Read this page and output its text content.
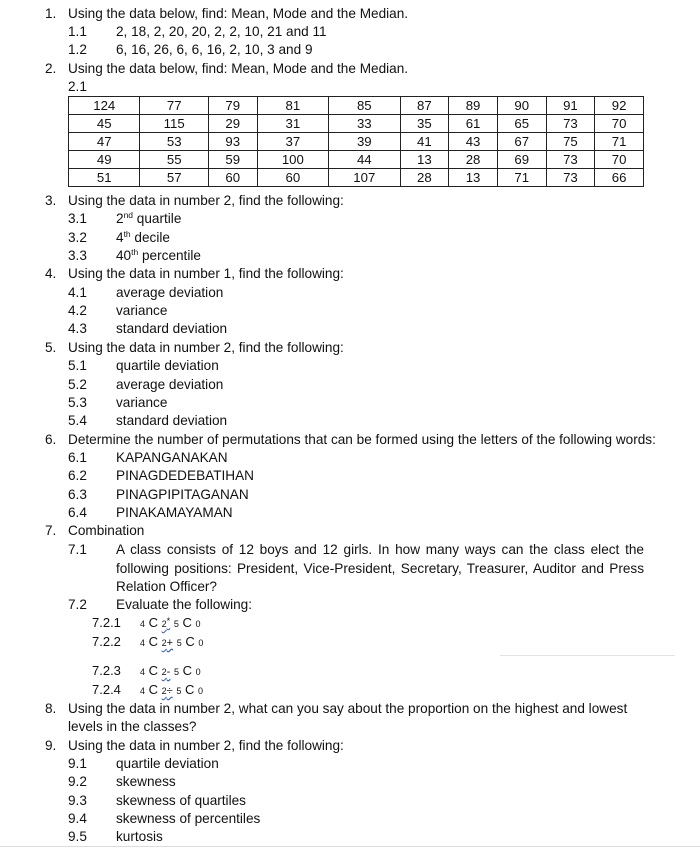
1. Using the data below, find: Mean, Mode and the Median.
1.1 2, 18, 2, 20, 20, 2, 2, 10, 21 and 11
1.2 6, 16, 26, 6, 6, 16, 2, 10, 3 and 9
2. Using the data below, find: Mean, Mode and the Median.
2.1
124	77	79	81	85	87	89	90	91	92
45	115	29	31	33	35	61	65	73	70
47	53	93	37	39	41	43	67	75	71
49	55	59	100	44	13	28	69	73	70
51	57	60	60	107	28	13	71	73	66
3. Using the data in number 2, find the following:
3.1 2nd quartile
3.2 4th decile
3.3 40th percentile
4. Using the data in number 1, find the following:
4.1 average deviation
4.2 variance
4.3 standard deviation
5. Using the data in number 2, find the following:
5.1 quartile deviation
5.2 average deviation
5.3 variance
5.4 standard deviation
6. Determine the number of permutations that can be formed using the letters of the following words:
6.1 KAPANGANAKAN
6.2 PINAGDEDEBATIHAN
6.3 PINAGPIPITAGANAN
6.4 PINAKAMAYAMAN
7. Combination
7.1 A class consists of 12 boys and 12 girls. In how many ways can the class elect the following positions: President, Vice-President, Secretary, Treasurer, Auditor and Press Relation Officer?
7.2 Evaluate the following:
7.2.1 4 C 2* 5 C 0
7.2.2 4 C 2+ 5 C 0
7.2.3 4 C 2- 5 C 0
7.2.4 4 C 2÷ 5 C 0
8. Using the data in number 2, what can you say about the proportion on the highest and lowest levels in the classes?
9. Using the data in number 2, find the following:
9.1 quartile deviation
9.2 skewness
9.3 skewness of quartiles
9.4 skewness of percentiles
9.5 kurtosis
